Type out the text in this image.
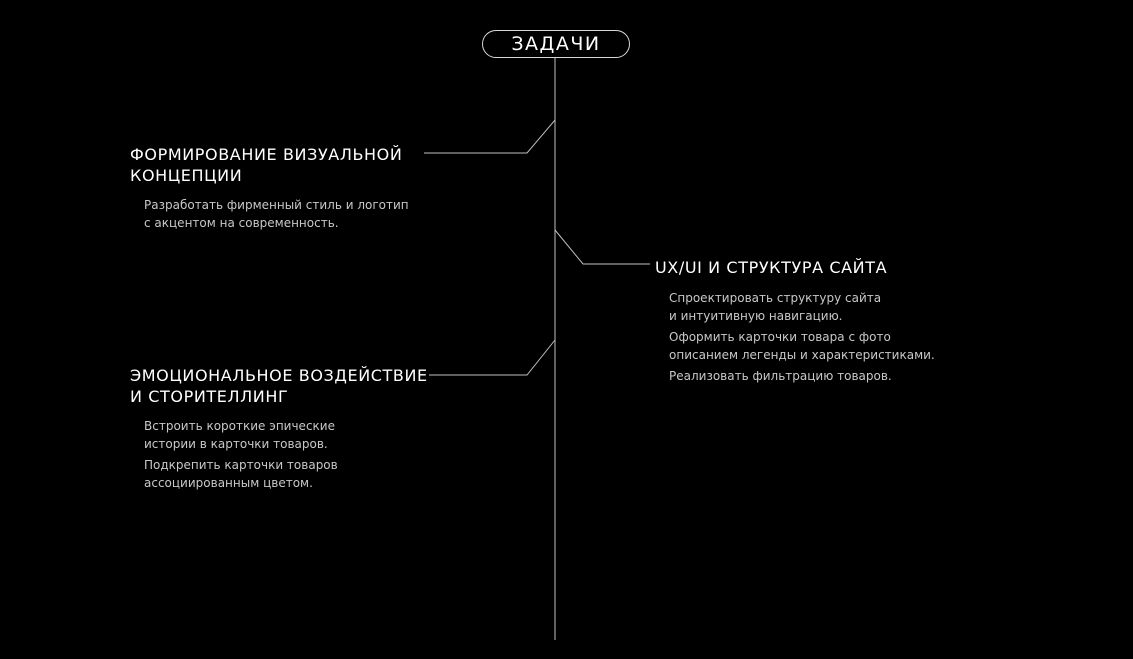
ЗАДАЧИ
ФОРМИРОВАНИЕ ВИЗУАЛЬНОЙ
КОНЦЕПЦИИ
Разработать фирменный стиль и логотип
с акцентом на современность.
UX/UI И СТРУКТУРА САЙТА
Спроектировать структуру сайта
и интуитивную навигацию.
Оформить карточки товара с фото
описанием легенды и характеристиками.
Реализовать фильтрацию товаров.
ЭМОЦИОНАЛЬНОЕ ВОЗДЕЙСТВИЕ
И СТОРИТЕЛЛИНГ
Встроить короткие эпические
истории в карточки товаров.
Подкрепить карточки товаров
ассоциированным цветом.
